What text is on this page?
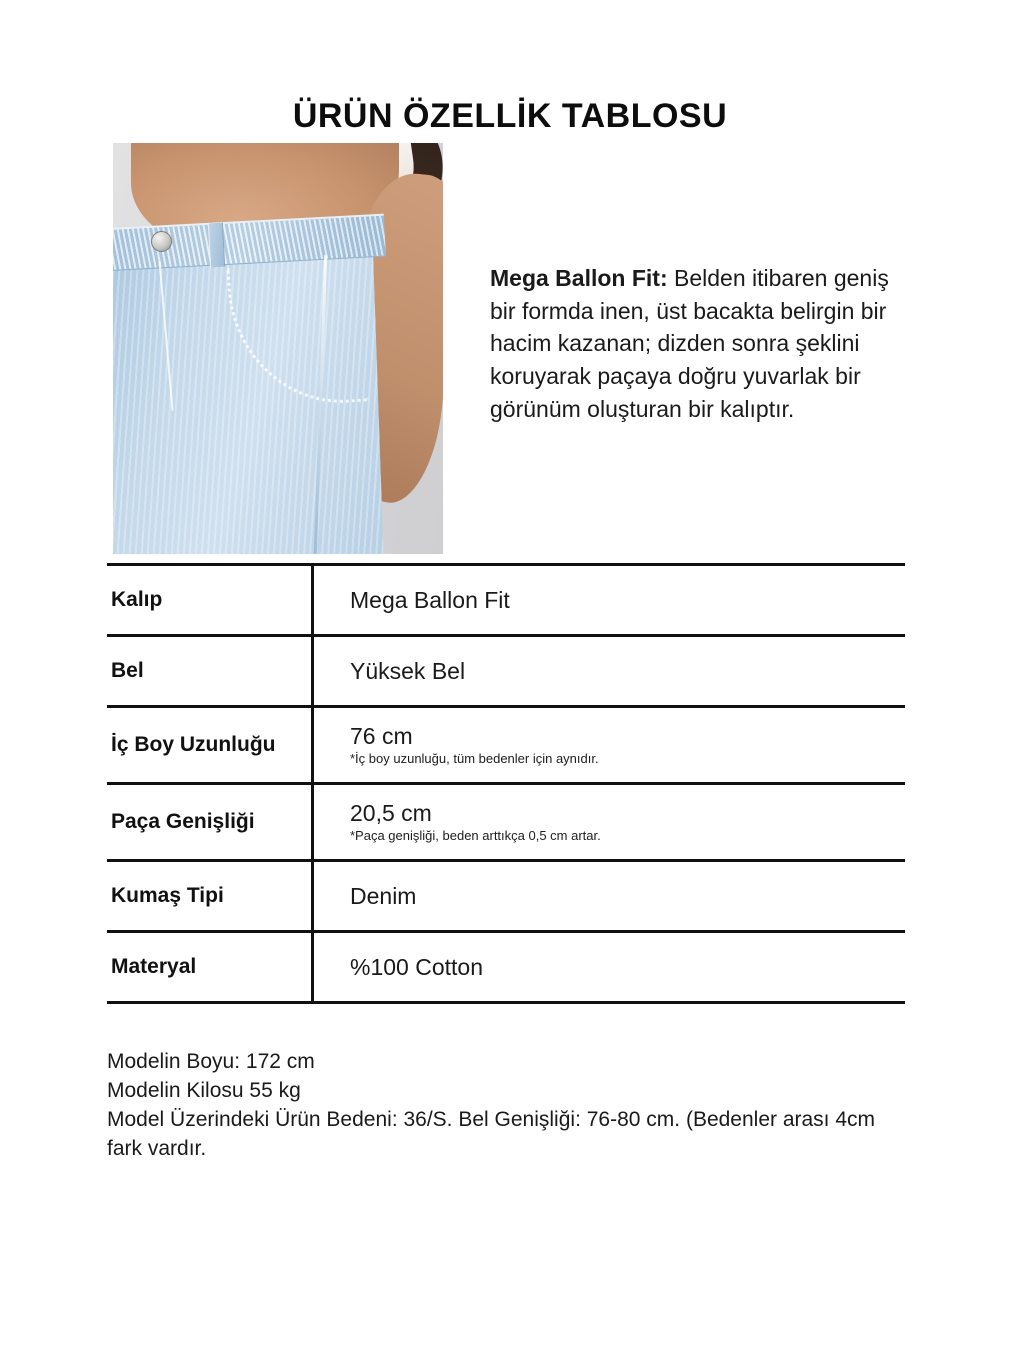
ÜRÜN ÖZELLİK TABLOSU
Mega Ballon Fit: Belden itibaren geniş bir formda inen, üst bacakta belirgin bir hacim kazanan; dizden sonra şeklini koruyarak paçaya doğru yuvarlak bir görünüm oluşturan bir kalıptır.
Kalıp	Mega Ballon Fit

Bel	Yüksek Bel

İç Boy Uzunluğu	76 cm
*İç boy uzunluğu, tüm bedenler için aynıdır.

Paça Genişliği	20,5 cm
*Paça genişliği, beden arttıkça 0,5 cm artar.

Kumaş Tipi	Denim

Materyal	%100 Cotton

Modelin Boyu: 172 cm

Modelin Kilosu 55 kg

Model Üzerindeki Ürün Bedeni: 36/S. Bel Genişliği: 76-80 cm. (Bedenler arası 4cm fark vardır.
